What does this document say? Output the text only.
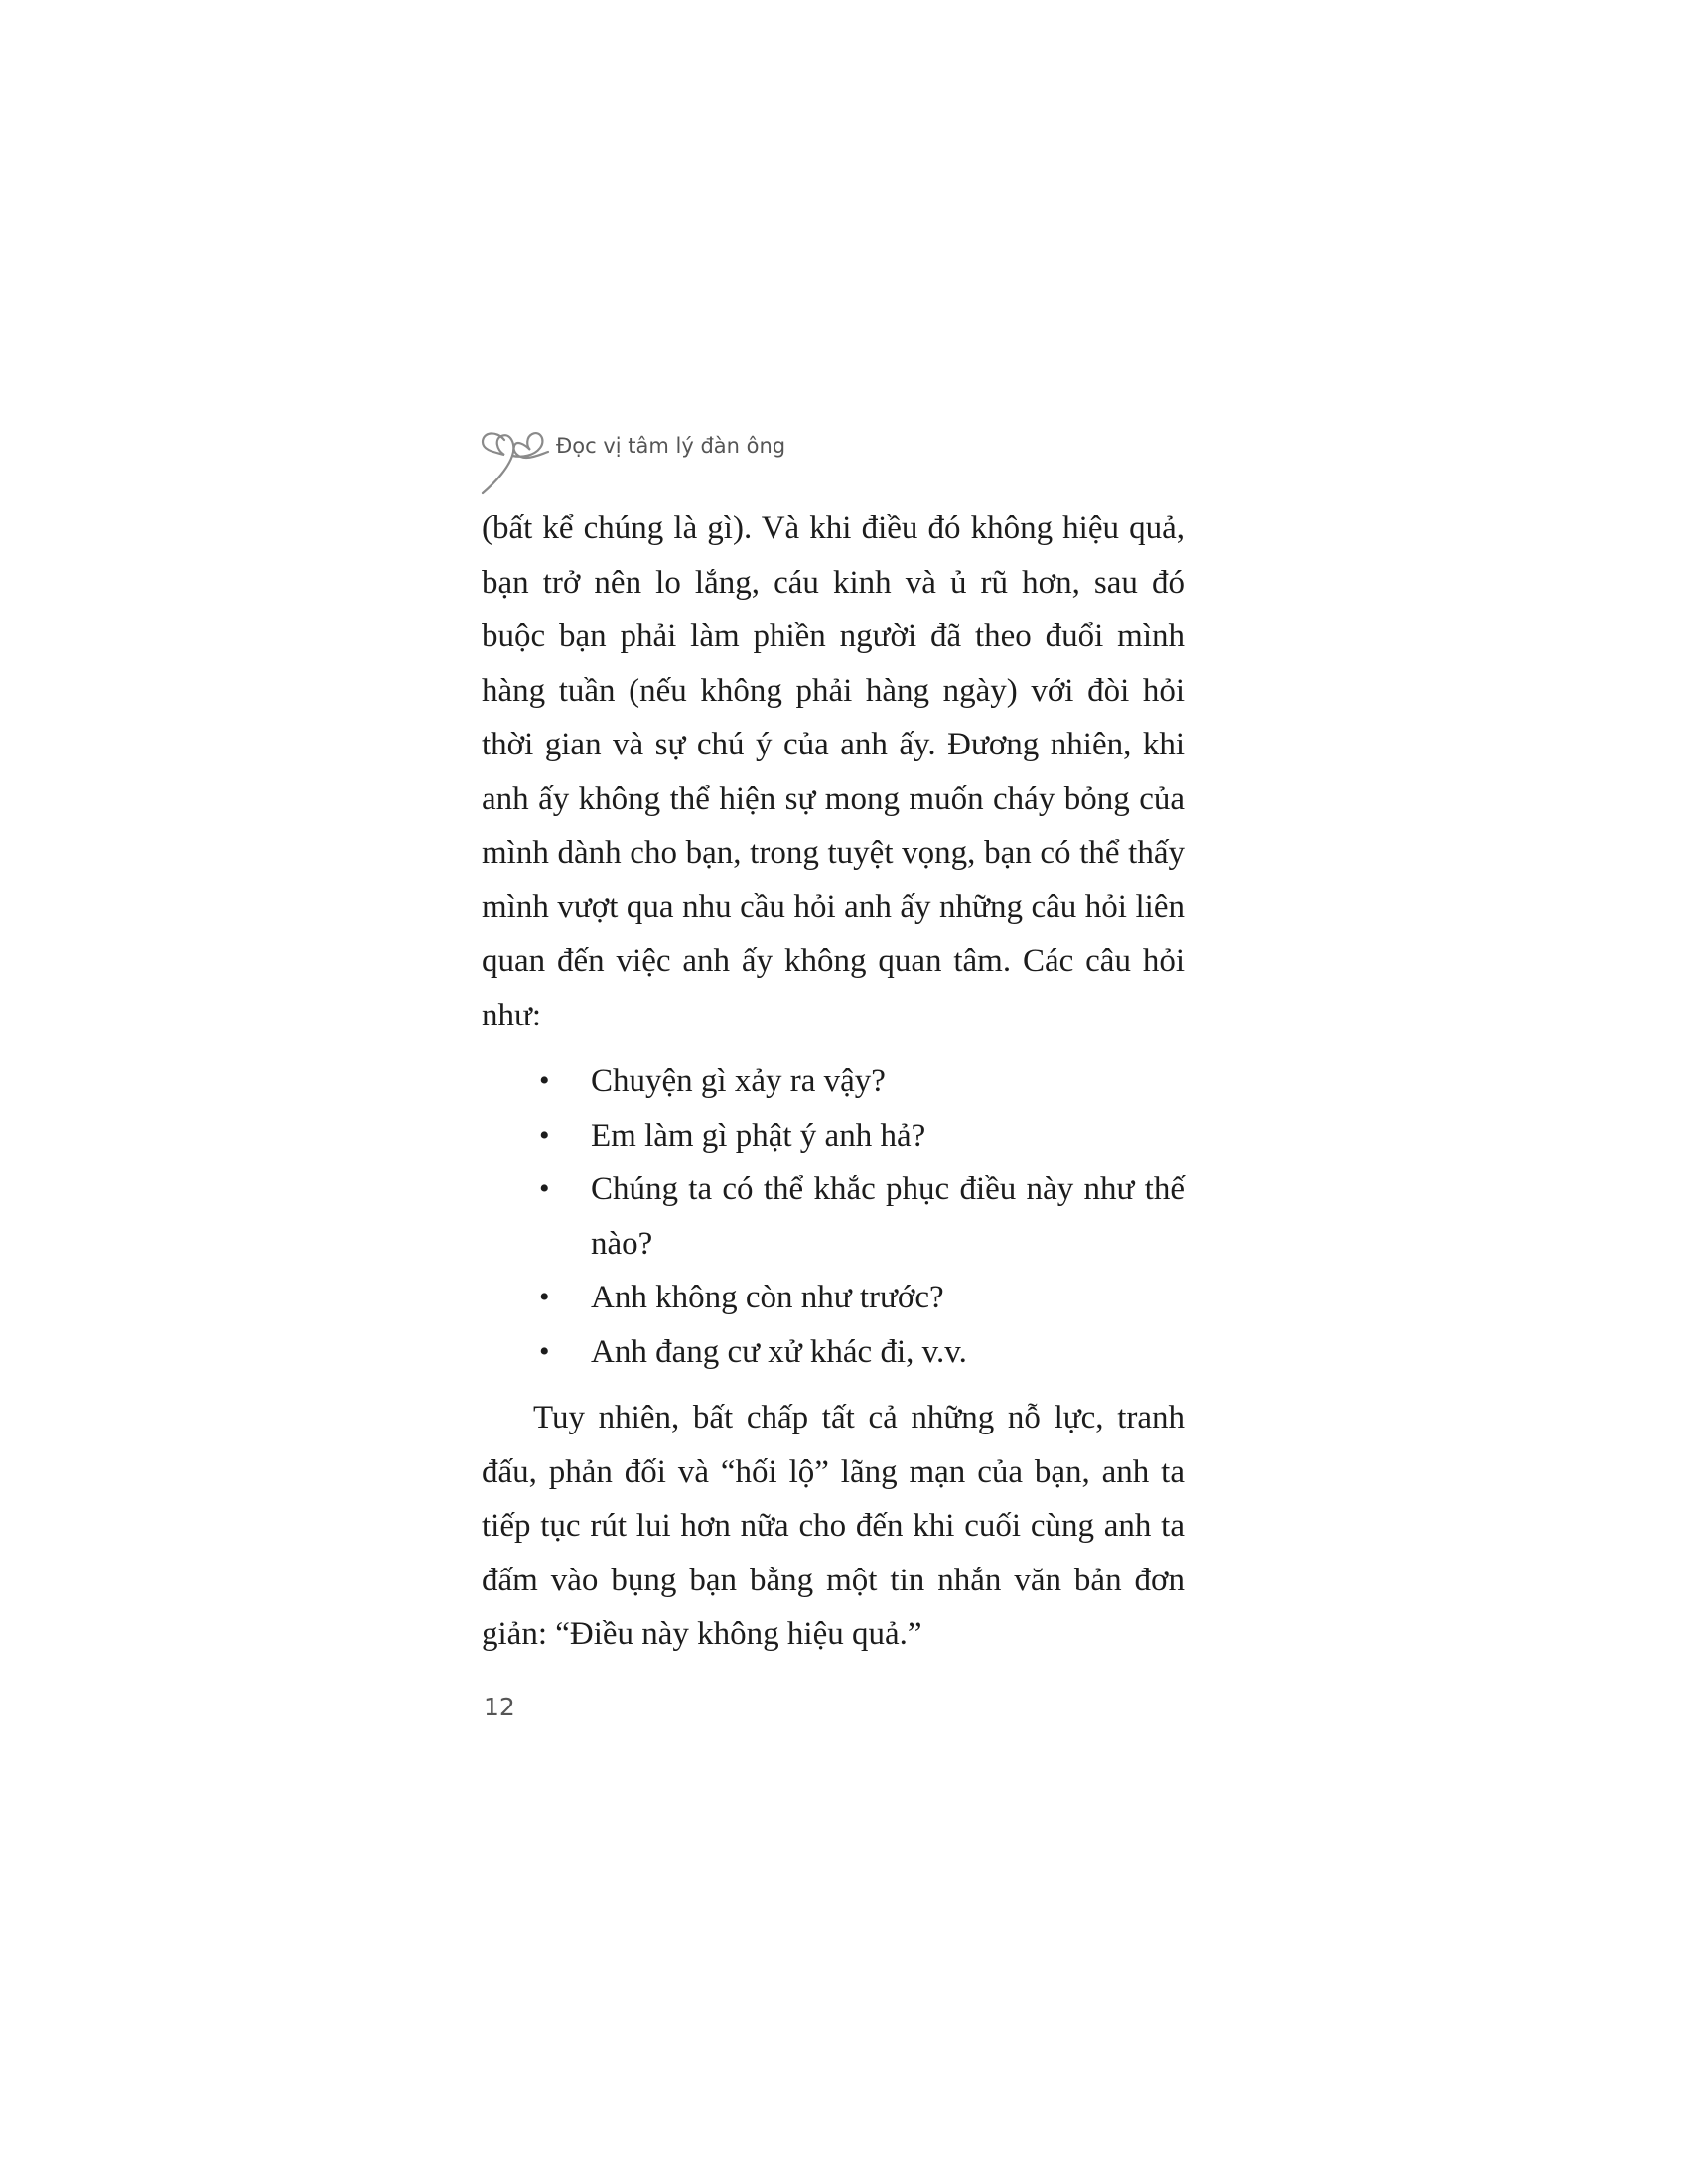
Đọc vị tâm lý đàn ông

(bất kể chúng là gì). Và khi điều đó không hiệu quả, bạn trở nên lo lắng, cáu kinh và ủ rũ hơn, sau đó buộc bạn phải làm phiền người đã theo đuổi mình hàng tuần (nếu không phải hàng ngày) với đòi hỏi thời gian và sự chú ý của anh ấy. Đương nhiên, khi anh ấy không thể hiện sự mong muốn cháy bỏng của mình dành cho bạn, trong tuyệt vọng, bạn có thể thấy mình vượt qua nhu cầu hỏi anh ấy những câu hỏi liên quan đến việc anh ấy không quan tâm. Các câu hỏi như:

• Chuyện gì xảy ra vậy?
• Em làm gì phật ý anh hả?
• Chúng ta có thể khắc phục điều này như thế nào?
• Anh không còn như trước?
• Anh đang cư xử khác đi, v.v.

Tuy nhiên, bất chấp tất cả những nỗ lực, tranh đấu, phản đối và “hối lộ” lãng mạn của bạn, anh ta tiếp tục rút lui hơn nữa cho đến khi cuối cùng anh ta đấm vào bụng bạn bằng một tin nhắn văn bản đơn giản: “Điều này không hiệu quả.”

12
